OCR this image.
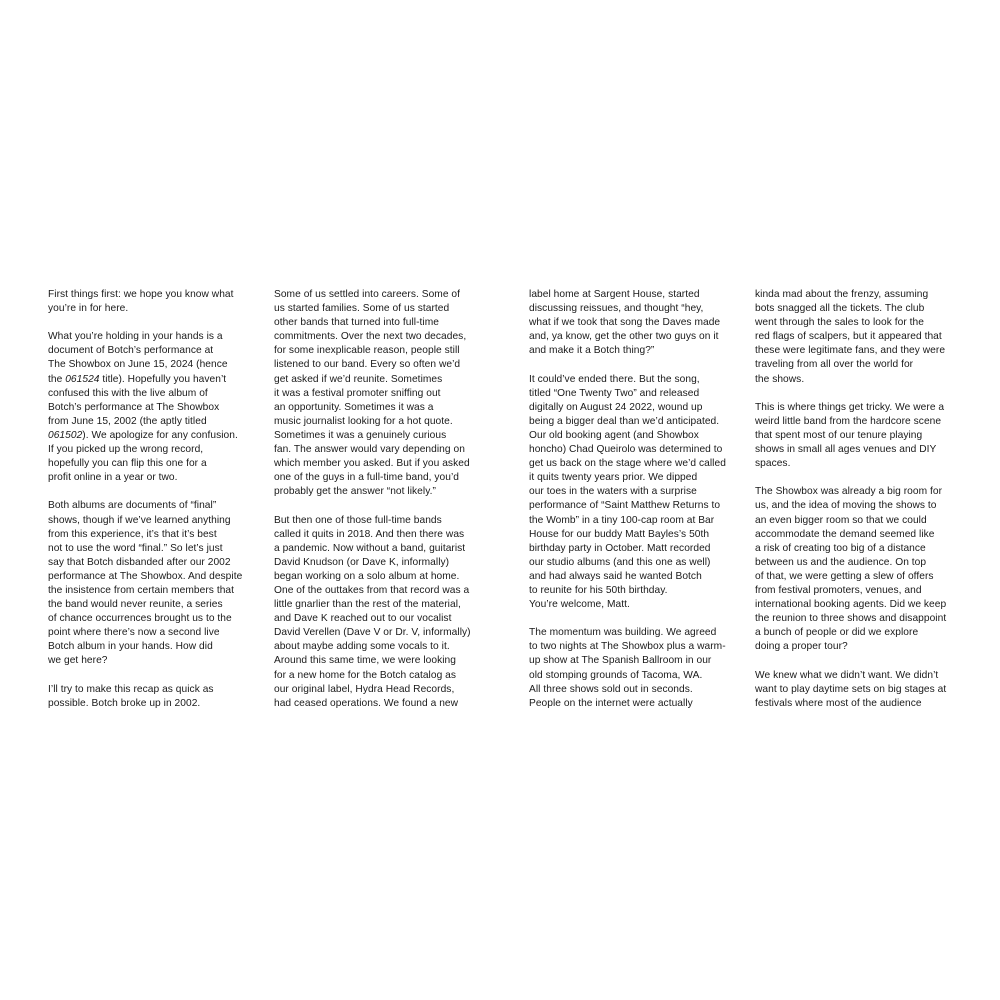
First things first: we hope you know what
you’re in for here.

What you’re holding in your hands is a
document of Botch’s performance at
The Showbox on June 15, 2024 (hence
the 061524 title). Hopefully you haven’t
confused this with the live album of
Botch’s performance at The Showbox
from June 15, 2002 (the aptly titled
061502). We apologize for any confusion.
If you picked up the wrong record,
hopefully you can flip this one for a
profit online in a year or two.

Both albums are documents of “final”
shows, though if we’ve learned anything
from this experience, it’s that it’s best
not to use the word “final.” So let’s just
say that Botch disbanded after our 2002
performance at The Showbox. And despite
the insistence from certain members that
the band would never reunite, a series
of chance occurrences brought us to the
point where there’s now a second live
Botch album in your hands. How did
we get here?

I’ll try to make this recap as quick as
possible. Botch broke up in 2002.

Some of us settled into careers. Some of
us started families. Some of us started
other bands that turned into full-time
commitments. Over the next two decades,
for some inexplicable reason, people still
listened to our band. Every so often we’d
get asked if we’d reunite. Sometimes
it was a festival promoter sniffing out
an opportunity. Sometimes it was a
music journalist looking for a hot quote.
Sometimes it was a genuinely curious
fan. The answer would vary depending on
which member you asked. But if you asked
one of the guys in a full-time band, you’d
probably get the answer “not likely.”

But then one of those full-time bands
called it quits in 2018. And then there was
a pandemic. Now without a band, guitarist
David Knudson (or Dave K, informally)
began working on a solo album at home.
One of the outtakes from that record was a
little gnarlier than the rest of the material,
and Dave K reached out to our vocalist
David Verellen (Dave V or Dr. V, informally)
about maybe adding some vocals to it.
Around this same time, we were looking
for a new home for the Botch catalog as
our original label, Hydra Head Records,
had ceased operations. We found a new

label home at Sargent House, started
discussing reissues, and thought “hey,
what if we took that song the Daves made
and, ya know, get the other two guys on it
and make it a Botch thing?”

It could’ve ended there. But the song,
titled “One Twenty Two” and released
digitally on August 24 2022, wound up
being a bigger deal than we’d anticipated.
Our old booking agent (and Showbox
honcho) Chad Queirolo was determined to
get us back on the stage where we’d called
it quits twenty years prior. We dipped
our toes in the waters with a surprise
performance of “Saint Matthew Returns to
the Womb” in a tiny 100-cap room at Bar
House for our buddy Matt Bayles’s 50th
birthday party in October. Matt recorded
our studio albums (and this one as well)
and had always said he wanted Botch
to reunite for his 50th birthday.
You’re welcome, Matt.

The momentum was building. We agreed
to two nights at The Showbox plus a warm-
up show at The Spanish Ballroom in our
old stomping grounds of Tacoma, WA.
All three shows sold out in seconds.
People on the internet were actually

kinda mad about the frenzy, assuming
bots snagged all the tickets. The club
went through the sales to look for the
red flags of scalpers, but it appeared that
these were legitimate fans, and they were
traveling from all over the world for
the shows.

This is where things get tricky. We were a
weird little band from the hardcore scene
that spent most of our tenure playing
shows in small all ages venues and DIY
spaces.

The Showbox was already a big room for
us, and the idea of moving the shows to
an even bigger room so that we could
accommodate the demand seemed like
a risk of creating too big of a distance
between us and the audience. On top
of that, we were getting a slew of offers
from festival promoters, venues, and
international booking agents. Did we keep
the reunion to three shows and disappoint
a bunch of people or did we explore
doing a proper tour?

We knew what we didn’t want. We didn’t
want to play daytime sets on big stages at
festivals where most of the audience
